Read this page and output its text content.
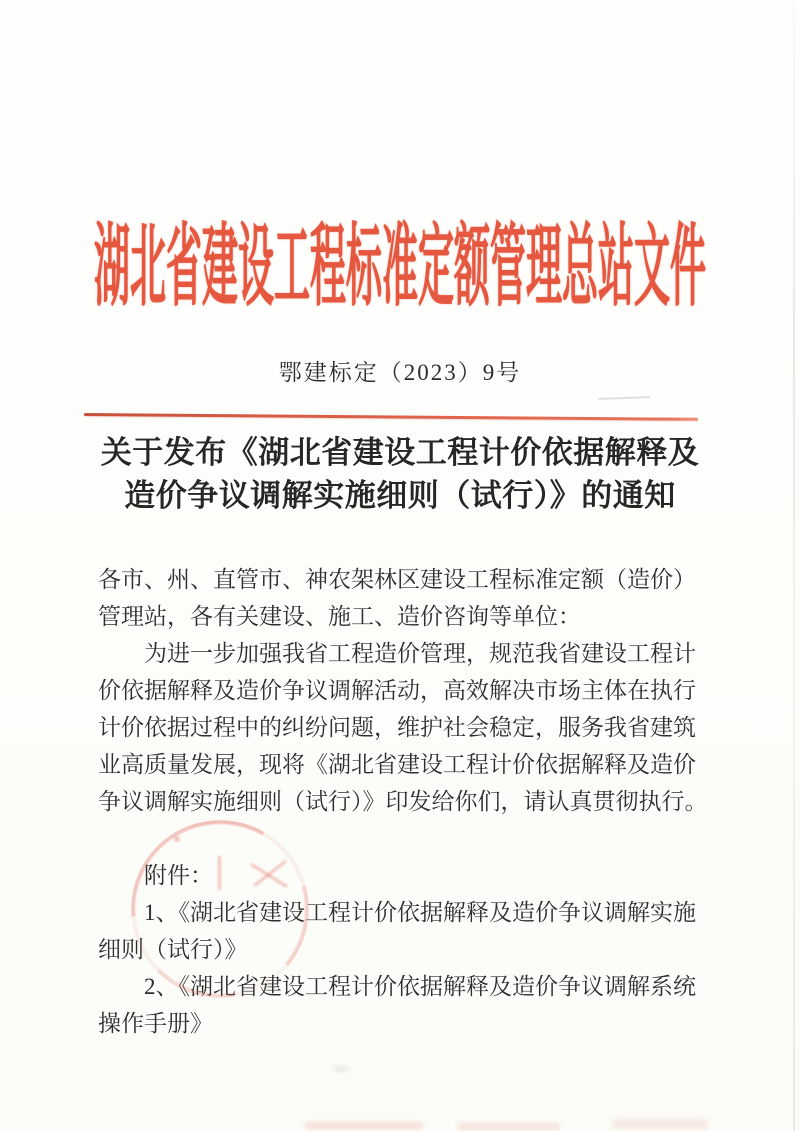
湖北省建设工程标准定额管理总站文件
鄂建标定（2023）9号
关于发布《湖北省建设工程计价依据解释及
造价争议调解实施细则（试行）》的通知
各市、州、直管市、神农架林区建设工程标准定额（造价）
管理站，各有关建设、施工、造价咨询等单位：
为进一步加强我省工程造价管理，规范我省建设工程计
价依据解释及造价争议调解活动，高效解决市场主体在执行
计价依据过程中的纠纷问题，维护社会稳定，服务我省建筑
业高质量发展，现将《湖北省建设工程计价依据解释及造价
争议调解实施细则（试行）》印发给你们，请认真贯彻执行。
附件：
1、《湖北省建设工程计价依据解释及造价争议调解实施
细则（试行）》
2、《湖北省建设工程计价依据解释及造价争议调解系统
操作手册》
